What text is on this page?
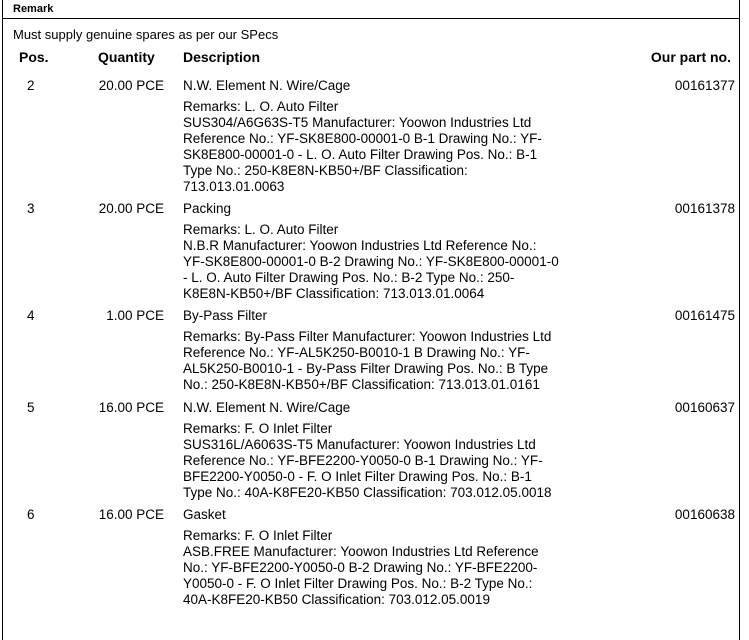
Remark
Must supply genuine spares as per our SPecs
Pos.	Quantity Description	Our part no.
2	20.00 PCE N.W. Element N. Wire/Cage	00161377
Remarks: L. O. Auto Filter
SUS304/A6G63S-T5 Manufacturer: Yoowon Industries Ltd
Reference No.: YF-SK8E800-00001-0 B-1 Drawing No.: YF-
SK8E800-00001-0 - L. O. Auto Filter Drawing Pos. No.: B-1
Type No.: 250-K8E8N-KB50+/BF Classification:
713.013.01.0063
3	20.00 PCE Packing	00161378
Remarks: L. O. Auto Filter
N.B.R Manufacturer: Yoowon Industries Ltd Reference No.:
YF-SK8E800-00001-0 B-2 Drawing No.: YF-SK8E800-00001-0
- L. O. Auto Filter Drawing Pos. No.: B-2 Type No.: 250-
K8E8N-KB50+/BF Classification: 713.013.01.0064
4	1.00 PCE By-Pass Filter	00161475
Remarks: By-Pass Filter Manufacturer: Yoowon Industries Ltd
Reference No.: YF-AL5K250-B0010-1 B Drawing No.: YF-
AL5K250-B0010-1 - By-Pass Filter Drawing Pos. No.: B Type
No.: 250-K8E8N-KB50+/BF Classification: 713.013.01.0161
5	16.00 PCE N.W. Element N. Wire/Cage	00160637
Remarks: F. O Inlet Filter
SUS316L/A6063S-T5 Manufacturer: Yoowon Industries Ltd
Reference No.: YF-BFE2200-Y0050-0 B-1 Drawing No.: YF-
BFE2200-Y0050-0 - F. O Inlet Filter Drawing Pos. No.: B-1
Type No.: 40A-K8FE20-KB50 Classification: 703.012.05.0018
6	16.00 PCE Gasket	00160638
Remarks: F. O Inlet Filter
ASB.FREE Manufacturer: Yoowon Industries Ltd Reference
No.: YF-BFE2200-Y0050-0 B-2 Drawing No.: YF-BFE2200-
Y0050-0 - F. O Inlet Filter Drawing Pos. No.: B-2 Type No.:
40A-K8FE20-KB50 Classification: 703.012.05.0019
